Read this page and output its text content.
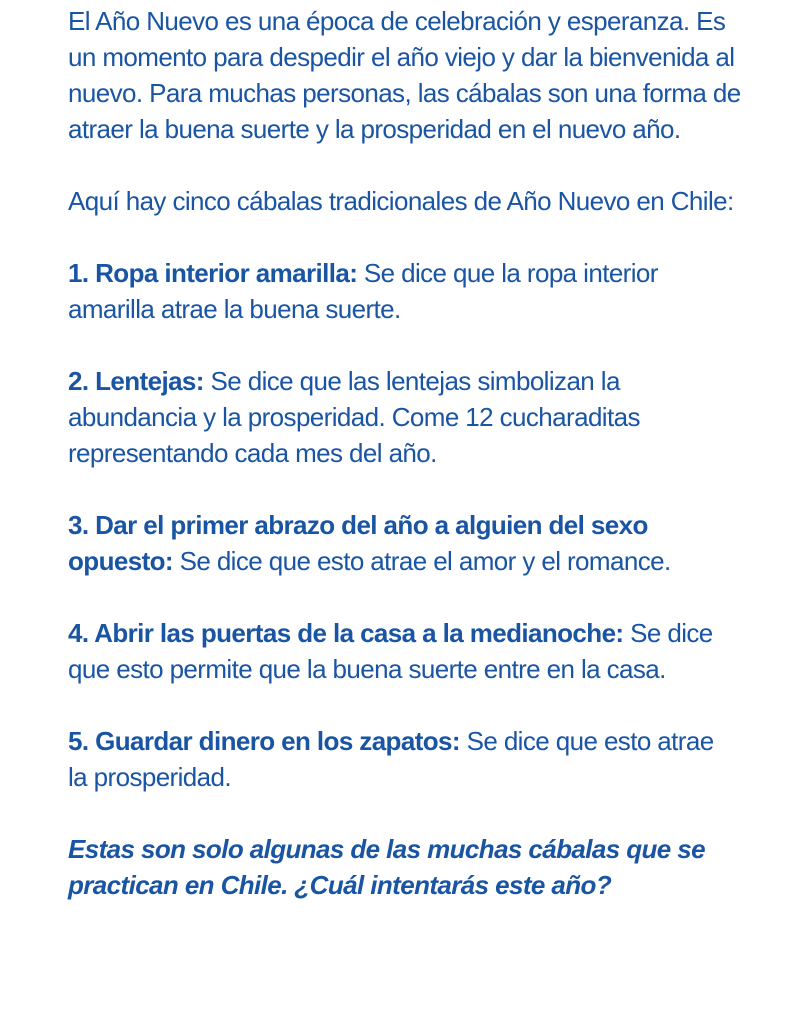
El Año Nuevo es una época de celebración y esperanza. Es un momento para despedir el año viejo y dar la bienvenida al nuevo. Para muchas personas, las cábalas son una forma de atraer la buena suerte y la prosperidad en el nuevo año.

Aquí hay cinco cábalas tradicionales de Año Nuevo en Chile:

1. Ropa interior amarilla: Se dice que la ropa interior amarilla atrae la buena suerte.

2. Lentejas: Se dice que las lentejas simbolizan la abundancia y la prosperidad. Come 12 cucharaditas representando cada mes del año.

3. Dar el primer abrazo del año a alguien del sexo opuesto: Se dice que esto atrae el amor y el romance.

4. Abrir las puertas de la casa a la medianoche: Se dice que esto permite que la buena suerte entre en la casa.

5. Guardar dinero en los zapatos: Se dice que esto atrae la prosperidad.

Estas son solo algunas de las muchas cábalas que se practican en Chile. ¿Cuál intentarás este año?
